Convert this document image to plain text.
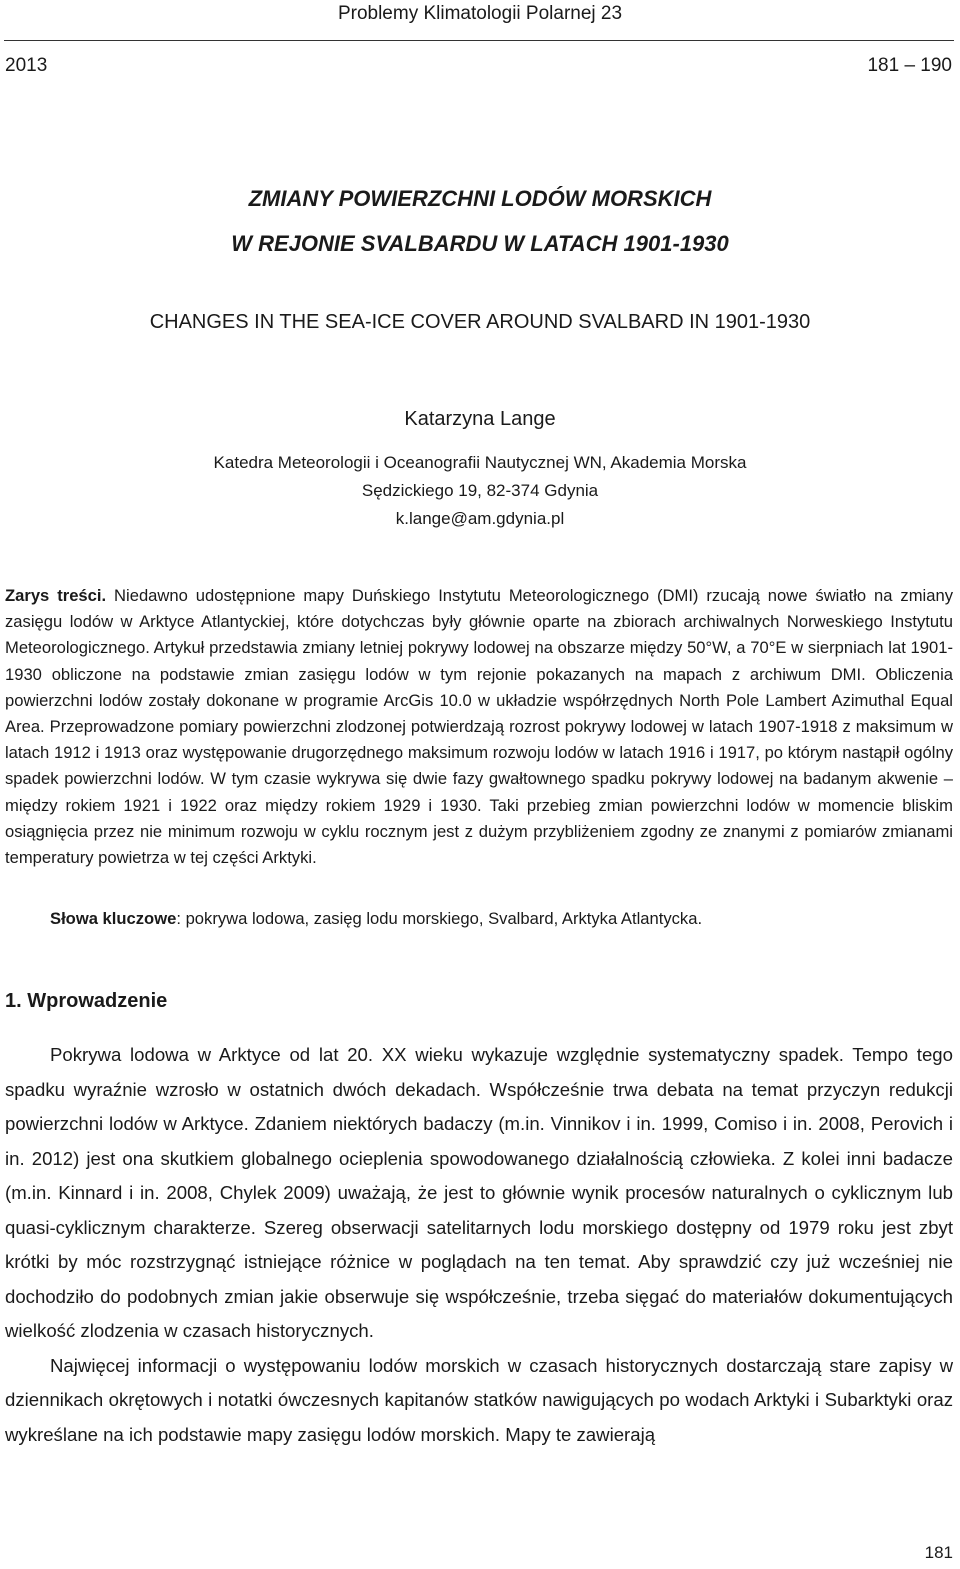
Problemy Klimatologii Polarnej 23
2013	181 – 190
ZMIANY POWIERZCHNI LODÓW MORSKICH
W REJONIE SVALBARDU W LATACH 1901-1930
CHANGES IN THE SEA-ICE COVER AROUND SVALBARD IN 1901-1930
Katarzyna Lange
Katedra Meteorologii i Oceanografii Nautycznej WN, Akademia Morska
Sędzickiego 19, 82-374 Gdynia
k.lange@am.gdynia.pl

Zarys treści. Niedawno udostępnione mapy Duńskiego Instytutu Meteorologicznego (DMI) rzucają nowe światło na zmiany zasięgu lodów w Arktyce Atlantyckiej, które dotychczas były głównie oparte na zbiorach archiwalnych Norweskiego Instytutu Meteorologicznego. Artykuł przedstawia zmiany letniej pokrywy lodowej na obszarze między 50°W, a 70°E w sierpniach lat 1901-1930 obliczone na podstawie zmian zasięgu lodów w tym rejonie pokazanych na mapach z archiwum DMI. Obliczenia powierzchni lodów zostały dokonane w programie ArcGis 10.0 w układzie współrzędnych North Pole Lambert Azimuthal Equal Area. Przeprowadzone pomiary powierzchni zlodzonej potwierdzają rozrost pokrywy lodowej w latach 1907-1918 z maksimum w latach 1912 i 1913 oraz występowanie drugorzędnego maksimum rozwoju lodów w latach 1916 i 1917, po którym nastąpił ogólny spadek powierzchni lodów. W tym czasie wykrywa się dwie fazy gwałtownego spadku pokrywy lodowej na badanym akwenie – między rokiem 1921 i 1922 oraz między rokiem 1929 i 1930. Taki przebieg zmian powierzchni lodów w momencie bliskim osiągnięcia przez nie minimum rozwoju w cyklu rocznym jest z dużym przybliżeniem zgodny ze znanymi z pomiarów zmianami temperatury powietrza w tej części Arktyki.

Słowa kluczowe: pokrywa lodowa, zasięg lodu morskiego, Svalbard, Arktyka Atlantycka.

1. Wprowadzenie

Pokrywa lodowa w Arktyce od lat 20. XX wieku wykazuje względnie systematyczny spadek. Tempo tego spadku wyraźnie wzrosło w ostatnich dwóch dekadach. Współcześnie trwa debata na temat przyczyn redukcji powierzchni lodów w Arktyce. Zdaniem niektórych badaczy (m.in. Vinnikov i in. 1999, Comiso i in. 2008, Perovich i in. 2012) jest ona skutkiem globalnego ocieplenia spowodowanego działalnością człowieka. Z kolei inni badacze (m.in. Kinnard i in. 2008, Chylek 2009) uważają, że jest to głównie wynik procesów naturalnych o cyklicznym lub quasi-cyklicznym charakterze. Szereg obserwacji satelitarnych lodu morskiego dostępny od 1979 roku jest zbyt krótki by móc rozstrzygnąć istniejące różnice w poglądach na ten temat. Aby sprawdzić czy już wcześniej nie dochodziło do podobnych zmian jakie obserwuje się współcześnie, trzeba sięgać do materiałów dokumentujących wielkość zlodzenia w czasach historycznych.

Najwięcej informacji o występowaniu lodów morskich w czasach historycznych dostarczają stare zapisy w dziennikach okrętowych i notatki ówczesnych kapitanów statków nawigujących po wodach Arktyki i Subarktyki oraz wykreślane na ich podstawie mapy zasięgu lodów morskich. Mapy te zawierają

181
